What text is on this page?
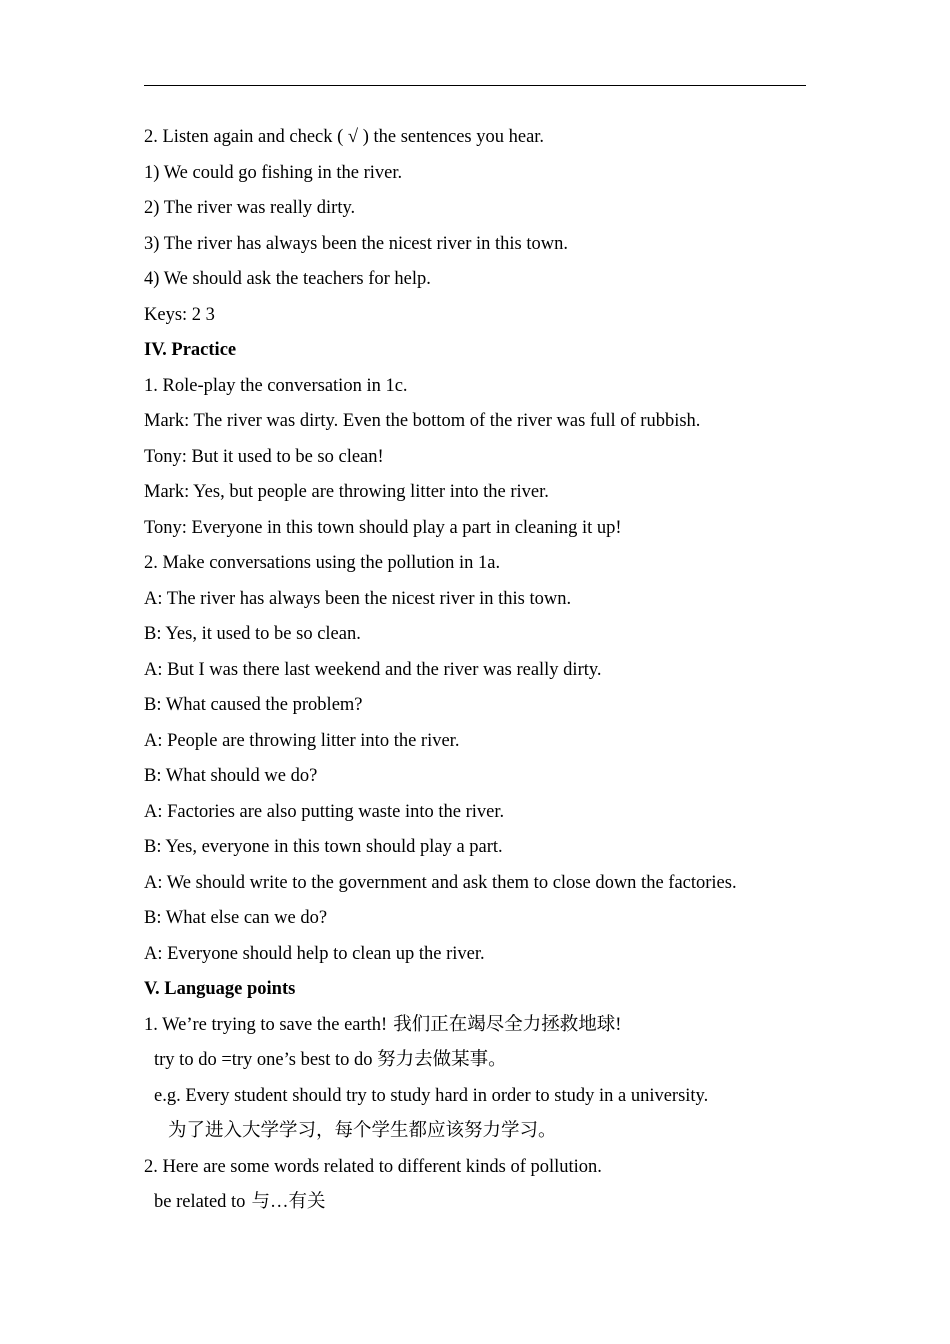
2. Listen again and check ( √ ) the sentences you hear.
1) We could go fishing in the river.
2) The river was really dirty.
3) The river has always been the nicest river in this town.
4) We should ask the teachers for help.
Keys: 2 3
IV. Practice
1. Role-play the conversation in 1c.
Mark: The river was dirty. Even the bottom of the river was full of rubbish.
Tony: But it used to be so clean!
Mark: Yes, but people are throwing litter into the river.
Tony: Everyone in this town should play a part in cleaning it up!
2. Make conversations using the pollution in 1a.
A: The river has always been the nicest river in this town.
B: Yes, it used to be so clean.
A: But I was there last weekend and the river was really dirty.
B: What caused the problem?
A: People are throwing litter into the river.
B: What should we do?
A: Factories are also putting waste into the river.
B: Yes, everyone in this town should play a part.
A: We should write to the government and ask them to close down the factories.
B: What else can we do?
A: Everyone should help to clean up the river.
V. Language points
1. We’re trying to save the earth! 我们正在竭尽全力拯救地球!
try to do =try one’s best to do 努力去做某事。
e.g. Every student should try to study hard in order to study in a university.
为了进入大学学习，每个学生都应该努力学习。
2. Here are some words related to different kinds of pollution.
be related to 与…有关
